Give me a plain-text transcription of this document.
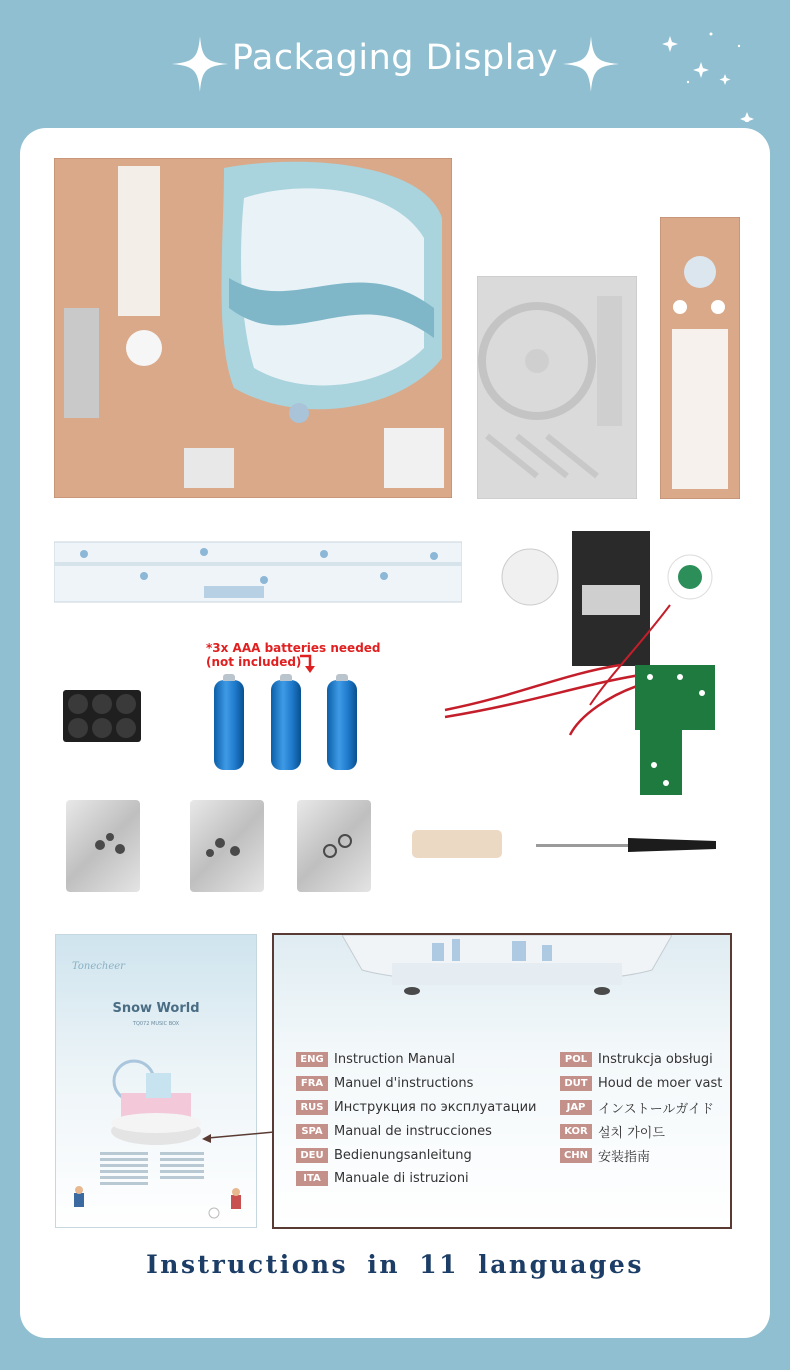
Packaging Display
*3x AAA batteries needed
(not included)
Tonecheer
Snow World
TQ072 MUSIC BOX
ENG Instruction Manual
FRA Manuel d'instructions
RUS Инструкция по эксплуатации
SPA Manual de instrucciones
DEU Bedienungsanleitung
ITA	Manuale di istruzioni
POL Instrukcja obsługi
DUT Houd de moer vast
JAP インストールガイド
KOR 설치 가이드
CHN 安装指南
Instructions in 11 languages
